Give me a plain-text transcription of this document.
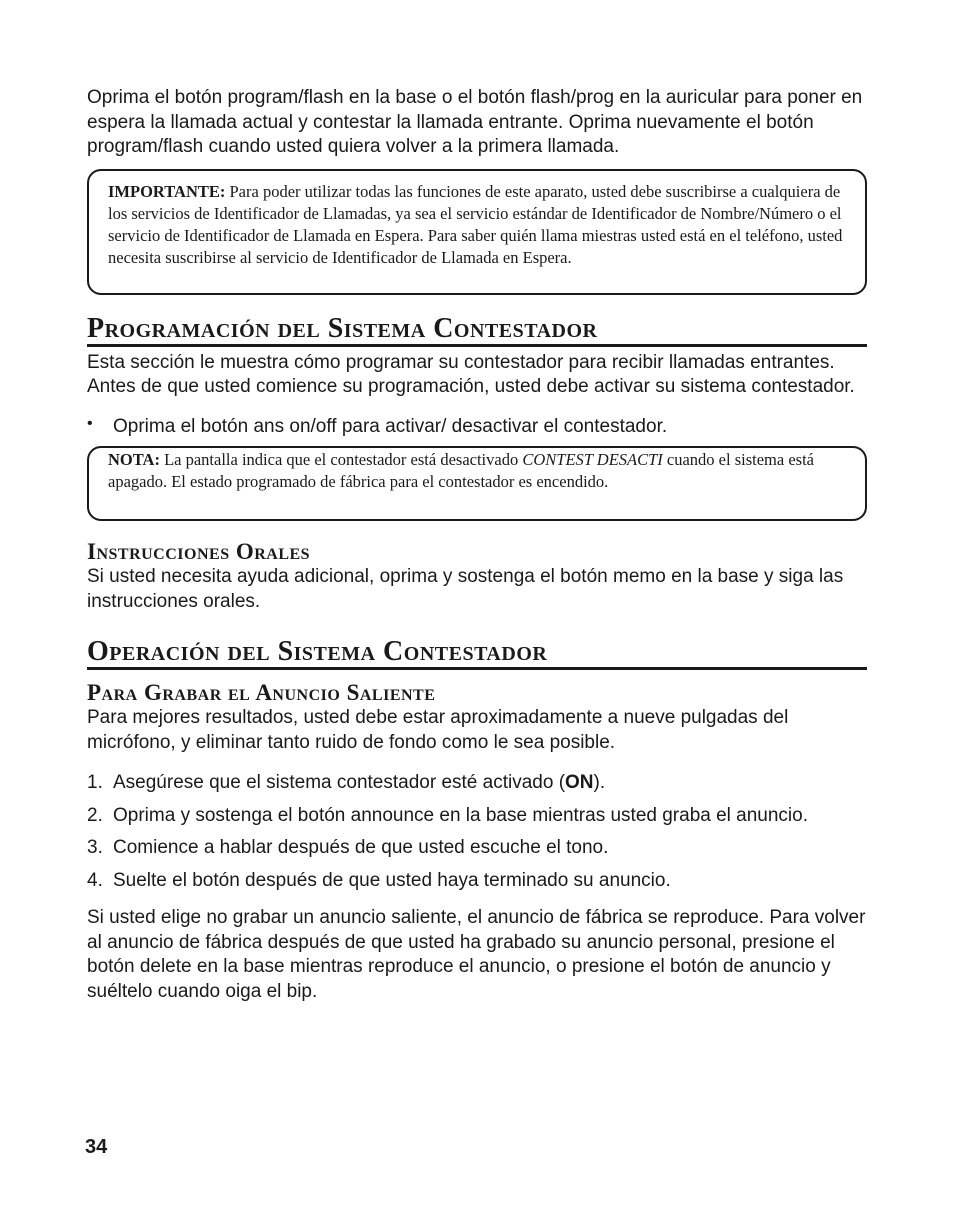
Oprima el botón program/flash en la base o el botón flash/prog en la auricular para poner en espera la llamada actual y contestar la llamada entrante. Oprima nuevamente el botón program/flash cuando usted quiera volver a la primera llamada.

IMPORTANTE: Para poder utilizar todas las funciones de este aparato, usted debe suscribirse a cualquiera de los servicios de Identificador de Llamadas, ya sea el servicio estándar de Identificador de Nombre/Número o el servicio de Identificador de Llamada en Espera. Para saber quién llama miestras usted está en el teléfono, usted necesita suscribirse al servicio de Identificador de Llamada en Espera.
Programación del Sistema Contestador

Esta sección le muestra cómo programar su contestador para recibir llamadas entrantes. Antes de que usted comience su programación, usted debe activar su sistema contestador.

•	Oprima el botón ans on/off para activar/ desactivar el contestador.

NOTA: La pantalla indica que el contestador está desactivado CONTEST DESACTI cuando el sistema está apagado. El estado programado de fábrica para el contestador es encendido.
Instrucciones Orales

Si usted necesita ayuda adicional, oprima y sostenga el botón memo en la base y siga las instrucciones orales.

Operación del Sistema Contestador
Para Grabar el Anuncio Saliente

Para mejores resultados, usted debe estar aproximadamente a nueve pulgadas del micrófono, y eliminar tanto ruido de fondo como le sea posible.

1. Asegúrese que el sistema contestador esté activado (ON).
2. Oprima y sostenga el botón announce en la base mientras usted graba el anuncio.
3. Comience a hablar después de que usted escuche el tono.
4. Suelte el botón después de que usted haya terminado su anuncio.

Si usted elige no grabar un anuncio saliente, el anuncio de fábrica se reproduce. Para volver al anuncio de fábrica después de que usted ha grabado su anuncio personal, presione el botón delete en la base mientras reproduce el anuncio, o presione el botón de anuncio y suéltelo cuando oiga el bip.

34
